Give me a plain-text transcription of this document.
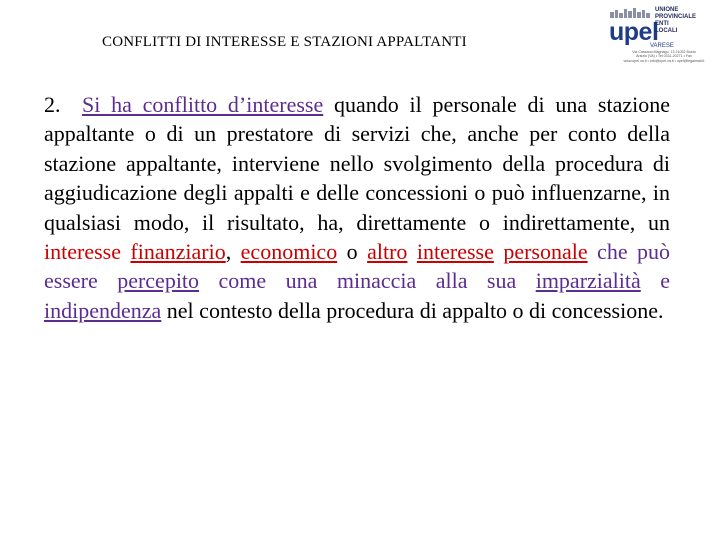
CONFLITTI DI INTERESSE E STAZIONI APPALTANTI	upel
UNIONE
PROVINCIALE
ENTI
LOCALI
VARESE
Via Cassano Magnago, 13 21052 Busto
Arsizio (VA) • Tel 0331.20271 • Fax
www.upel.va.it • info@upel.va.it • upel@legalmail.it
2. Si ha conflitto d’interesse quando il personale di una stazione appaltante o di un prestatore di servizi che, anche per conto della stazione appaltante, interviene nello svolgimento della procedura di aggiudicazione degli appalti e delle concessioni o può influenzarne, in qualsiasi modo, il risultato, ha, direttamente o indirettamente, un interesse finanziario, economico o altro interesse personale che può essere percepito come una minaccia alla sua imparzialità e indipendenza nel contesto della procedura di appalto o di concessione.
